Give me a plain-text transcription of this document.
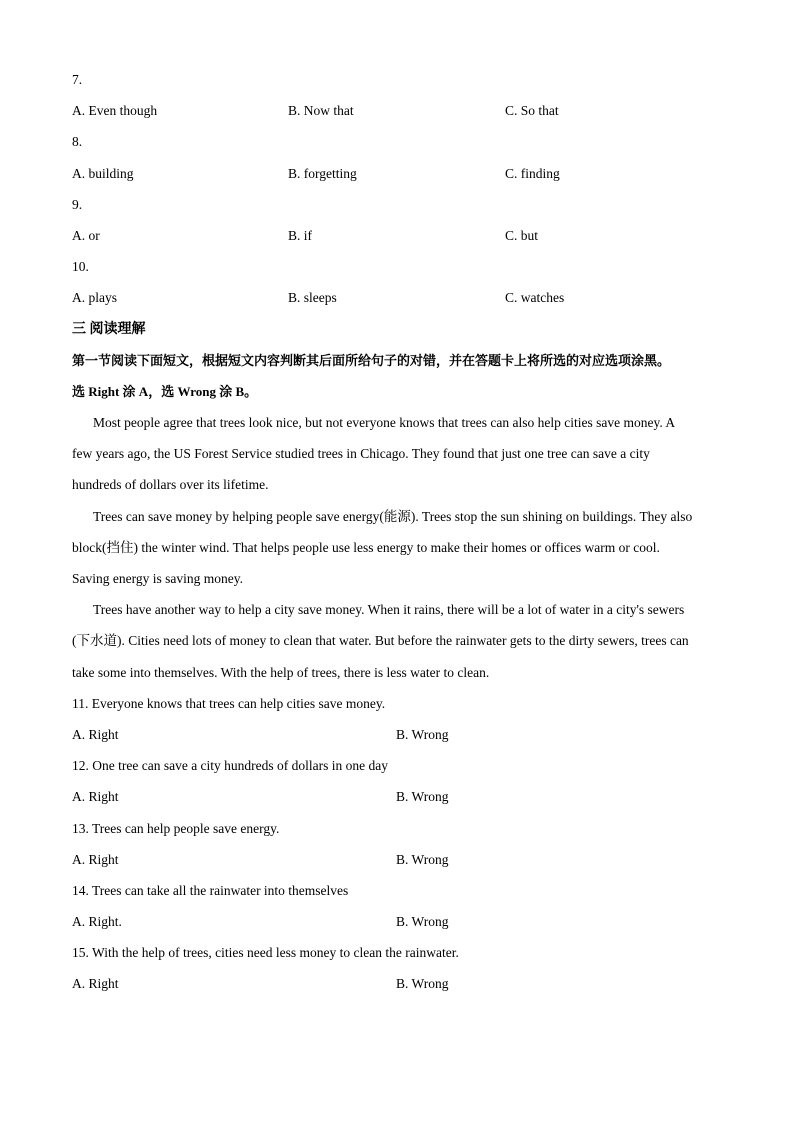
7.
A. Even though	B. Now that	C. So that
8.
A. building	B. forgetting	C. finding
9.
A. or	B. if	C. but
10.
A. plays	B. sleeps	C. watches
三 阅读理解
第一节阅读下面短文，根据短文内容判断其后面所给句子的对错，并在答题卡上将所选的对应选项涂黑。
选 Right 涂 A，选 Wrong 涂 B。
Most people agree that trees look nice, but not everyone knows that trees can also help cities save money. A
few years ago, the US Forest Service studied trees in Chicago. They found that just one tree can save a city
hundreds of dollars over its lifetime.
Trees can save money by helping people save energy(能源). Trees stop the sun shining on buildings. They also
block(挡住) the winter wind. That helps people use less energy to make their homes or offices warm or cool.
Saving energy is saving money.
Trees have another way to help a city save money. When it rains, there will be a lot of water in a city's sewers
(下水道). Cities need lots of money to clean that water. But before the rainwater gets to the dirty sewers, trees can
take some into themselves. With the help of trees, there is less water to clean.
11. Everyone knows that trees can help cities save money.
A. Right	B. Wrong
12. One tree can save a city hundreds of dollars in one day
A. Right	B. Wrong
13. Trees can help people save energy.
A. Right	B. Wrong
14. Trees can take all the rainwater into themselves
A. Right.	B. Wrong
15. With the help of trees, cities need less money to clean the rainwater.
A. Right	B. Wrong
